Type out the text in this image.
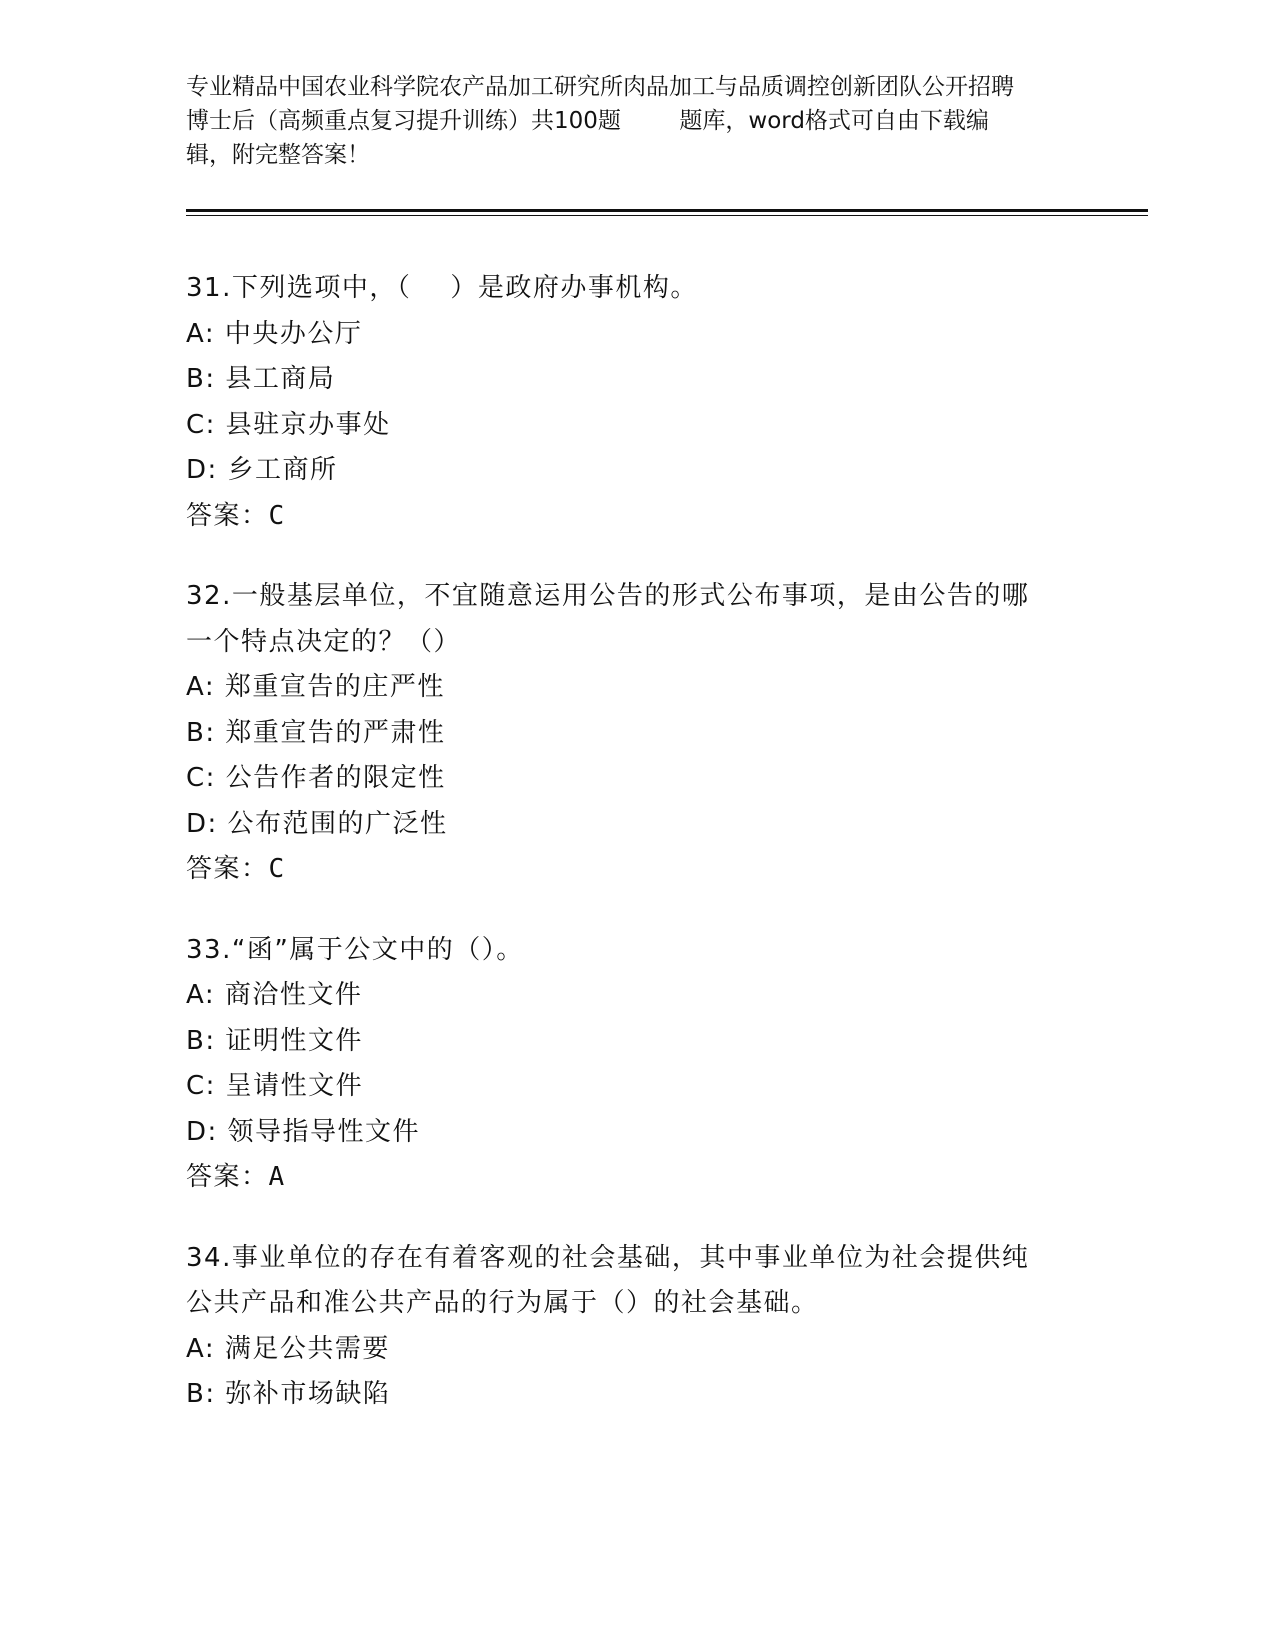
专业精品中国农业科学院农产品加工研究所肉品加工与品质调控创新团队公开招聘
博士后（高频重点复习提升训练）共100题        题库，word格式可自由下载编
辑，附完整答案！
31.下列选项中，（    ）是政府办事机构。
A: 中央办公厅
B: 县工商局
C: 县驻京办事处
D: 乡工商所
答案：C
32.一般基层单位，不宜随意运用公告的形式公布事项，是由公告的哪
一个特点决定的？（）
A: 郑重宣告的庄严性
B: 郑重宣告的严肃性
C: 公告作者的限定性
D: 公布范围的广泛性
答案：C
33.“函”属于公文中的（）。
A: 商洽性文件
B: 证明性文件
C: 呈请性文件
D: 领导指导性文件
答案：A
34.事业单位的存在有着客观的社会基础，其中事业单位为社会提供纯
公共产品和准公共产品的行为属于（）的社会基础。
A: 满足公共需要
B: 弥补市场缺陷
